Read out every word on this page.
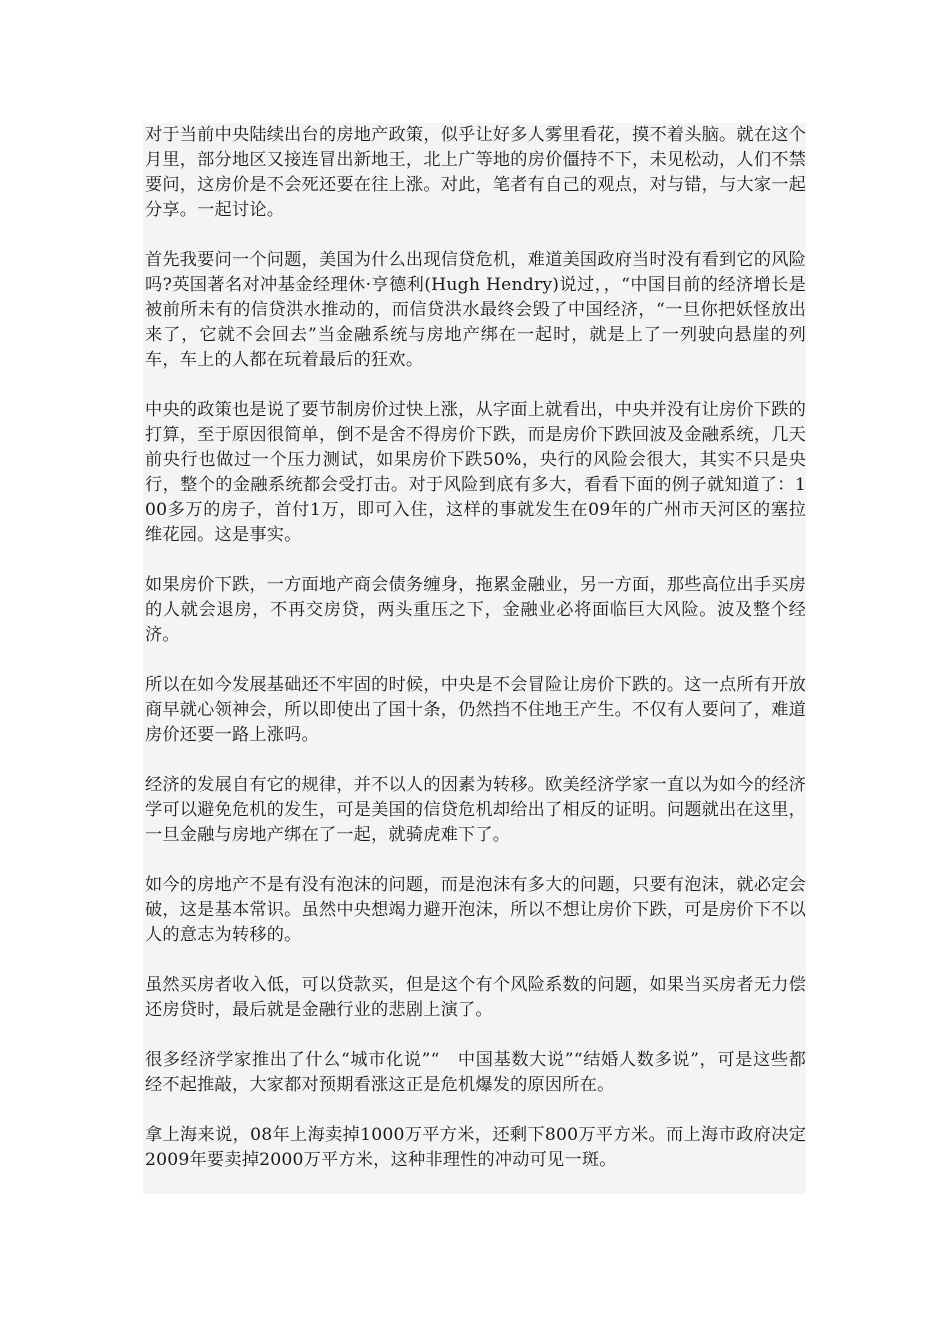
对于当前中央陆续出台的房地产政策，似乎让好多人雾里看花，摸不着头脑。就在这个月里，部分地区又接连冒出新地王，北上广等地的房价僵持不下，未见松动，人们不禁要问，这房价是不会死还要在往上涨。对此，笔者有自己的观点，对与错，与大家一起分享。一起讨论。

首先我要问一个问题，美国为什么出现信贷危机，难道美国政府当时没有看到它的风险吗?英国著名对冲基金经理休·亨德利(Hugh Hendry)说过，，“中国目前的经济增长是被前所未有的信贷洪水推动的，而信贷洪水最终会毁了中国经济，“一旦你把妖怪放出来了，它就不会回去”当金融系统与房地产绑在一起时，就是上了一列驶向悬崖的列车，车上的人都在玩着最后的狂欢。

中央的政策也是说了要节制房价过快上涨，从字面上就看出，中央并没有让房价下跌的打算，至于原因很简单，倒不是舍不得房价下跌，而是房价下跌回波及金融系统，几天前央行也做过一个压力测试，如果房价下跌50%，央行的风险会很大，其实不只是央行，整个的金融系统都会受打击。对于风险到底有多大，看看下面的例子就知道了：100多万的房子，首付1万，即可入住，这样的事就发生在09年的广州市天河区的塞拉维花园。这是事实。

如果房价下跌，一方面地产商会债务缠身，拖累金融业，另一方面，那些高位出手买房的人就会退房，不再交房贷，两头重压之下，金融业必将面临巨大风险。波及整个经济。

所以在如今发展基础还不牢固的时候，中央是不会冒险让房价下跌的。这一点所有开放商早就心领神会，所以即使出了国十条，仍然挡不住地王产生。不仅有人要问了，难道房价还要一路上涨吗。

经济的发展自有它的规律，并不以人的因素为转移。欧美经济学家一直以为如今的经济学可以避免危机的发生，可是美国的信贷危机却给出了相反的证明。问题就出在这里，一旦金融与房地产绑在了一起，就骑虎难下了。

如今的房地产不是有没有泡沫的问题，而是泡沫有多大的问题，只要有泡沫，就必定会破，这是基本常识。虽然中央想竭力避开泡沫，所以不想让房价下跌，可是房价下不以人的意志为转移的。

虽然买房者收入低，可以贷款买，但是这个有个风险系数的问题，如果当买房者无力偿还房贷时，最后就是金融行业的悲剧上演了。

很多经济学家推出了什么“城市化说”“　中国基数大说”“结婚人数多说”，可是这些都经不起推敲，大家都对预期看涨这正是危机爆发的原因所在。

拿上海来说，08年上海卖掉1000万平方米，还剩下800万平方米。而上海市政府决定2009年要卖掉2000万平方米，这种非理性的冲动可见一斑。
